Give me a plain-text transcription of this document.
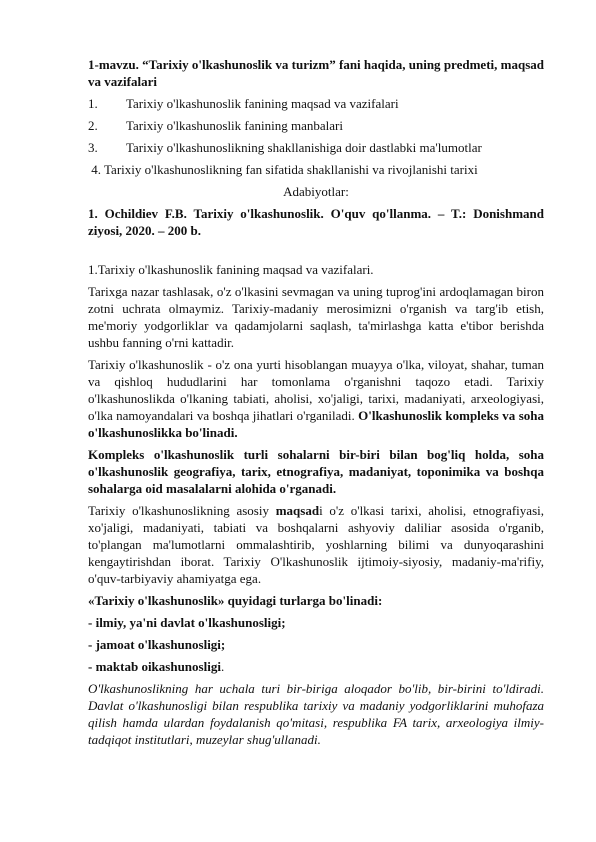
1-mavzu. “Tarixiy o'lkashunoslik va turizm” fani haqida, uning predmeti, maqsad va vazifalari

1.	Tarixiy o'lkashunoslik fanining maqsad va vazifalari
2.	Tarixiy o'lkashunoslik fanining manbalari
3.	Tarixiy o'lkashunoslikning shakllanishiga doir dastlabki ma'lumotlar

4. Tarixiy o'lkashunoslikning fan sifatida shakllanishi va rivojlanishi tarixi

Adabiyotlar:

1. Ochildiev F.B. Tarixiy o'lkashunoslik. O'quv qo'llanma. – T.: Donishmand ziyosi, 2020. – 200 b.

1.Tarixiy o'lkashunoslik fanining maqsad va vazifalari.

Tarixga nazar tashlasak, o'z o'lkasini sevmagan va uning tuprog'ini ardoqlamagan biron zotni uchrata olmaymiz. Tarixiy-madaniy merosimizni o'rganish va targ'ib etish, me'moriy yodgorliklar va qadamjolarni saqlash, ta'mirlashga katta e'tibor berishda ushbu fanning o'rni kattadir.

Tarixiy o'lkashunoslik - o'z ona yurti hisoblangan muayya o'lka, viloyat, shahar, tuman va qishloq hududlarini har tomonlama o'rganishni taqozo etadi. Tarixiy o'lkashunoslikda o'lkaning tabiati, aholisi, xo'jaligi, tarixi, madaniyati, arxeologiyasi, o'lka namoyandalari va boshqa jihatlari o'rganiladi. O'lkashunoslik kompleks va soha o'lkashunoslikka bo'linadi.

Kompleks o'lkashunoslik turli sohalarni bir-biri bilan bog'liq holda, soha o'lkashunoslik geografiya, tarix, etnografiya, madaniyat, toponimika va boshqa sohalarga oid masalalarni alohida o'rganadi.

Tarixiy o'lkashunoslikning asosiy maqsadi o'z o'lkasi tarixi, aholisi, etnografiyasi, xo'jaligi, madaniyati, tabiati va boshqalarni ashyoviy daliliar asosida o'rganib, to'plangan ma'lumotlarni ommalashtirib, yoshlarning bilimi va dunyoqarashini kengaytirishdan iborat. Tarixiy O'lkashunoslik ijtimoiy-siyosiy, madaniy-ma'rifiy, o'quv-tarbiyaviy ahamiyatga ega.

«Tarixiy o'lkashunoslik» quyidagi turlarga bo'linadi:

- ilmiy, ya'ni davlat o'lkashunosligi;

- jamoat o'lkashunosligi;

- maktab oikashunosligi.

O'lkashunoslikning har uchala turi bir-biriga aloqador bo'lib, bir-birini to'ldiradi. Davlat o'lkashunosligi bilan respublika tarixiy va madaniy yodgorliklarini muhofaza qilish hamda ulardan foydalanish qo'mitasi, respublika FA tarix, arxeologiya ilmiy-tadqiqot institutlari, muzeylar shug'ullanadi.
